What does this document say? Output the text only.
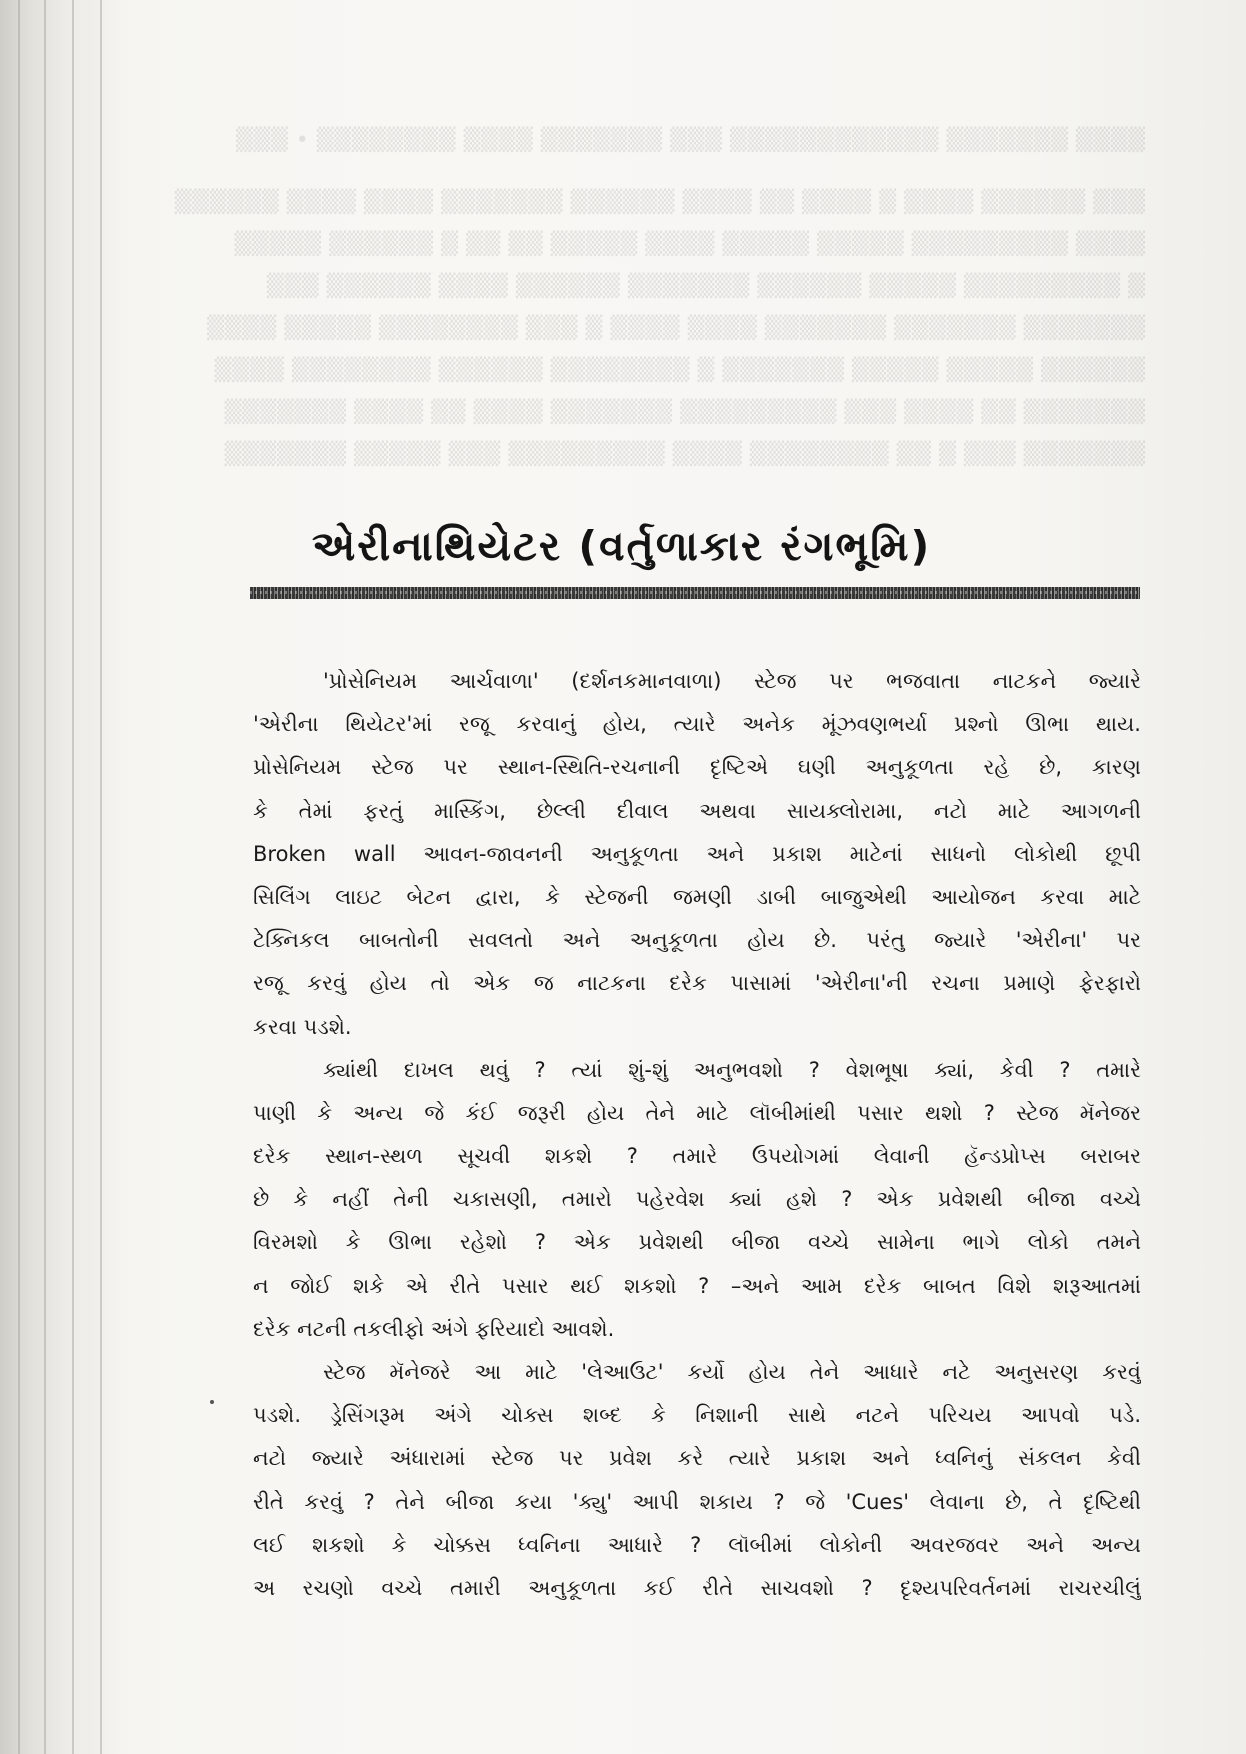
▒▒▒▒ ▒▒▒▒▒▒▒ ▒▒▒▒▒▒▒▒▒▒▒▒ ▒▒▒ ▒▒▒▒▒▒▒ ▒▒▒▒ ▒▒▒▒▒▒▒▒ • ▒▒▒
▒▒▒ ▒▒▒▒▒▒ ▒▒▒▒ ▒ ▒▒▒▒ ▒▒ ▒▒▒▒ ▒▒▒▒▒▒ ▒▒▒▒▒▒▒ ▒▒▒▒ ▒▒▒▒ ▒▒▒▒▒▒
▒▒▒▒ ▒▒▒▒▒▒▒▒▒ ▒▒▒▒▒ ▒▒▒▒▒ ▒▒▒▒ ▒▒▒▒▒ ▒▒ ▒▒ ▒ ▒▒▒▒▒▒ ▒▒▒▒▒
▒ ▒▒▒▒▒▒▒▒▒ ▒▒▒▒▒ ▒▒▒▒▒▒ ▒▒▒▒▒▒▒ ▒▒▒▒▒▒ ▒▒▒▒ ▒▒▒▒▒▒ ▒▒▒
▒▒▒▒▒▒▒ ▒▒▒▒▒▒▒ ▒▒▒▒▒▒▒ ▒▒▒▒ ▒▒▒▒ ▒ ▒▒▒ ▒▒▒▒▒▒▒▒ ▒▒▒▒▒ ▒▒▒▒
▒▒▒▒▒▒ ▒▒▒▒▒ ▒▒▒▒▒ ▒▒▒▒▒▒▒ ▒ ▒▒▒▒▒▒▒▒ ▒▒▒▒▒▒ ▒▒▒▒▒▒▒▒ ▒▒▒▒
▒▒▒▒▒▒▒ ▒▒ ▒▒▒▒ ▒▒▒ ▒▒▒▒▒▒▒▒▒ ▒▒▒▒▒▒▒ ▒▒▒▒ ▒▒ ▒▒▒▒ ▒▒▒▒▒▒▒
▒▒▒▒▒▒▒ ▒▒▒ ▒ ▒▒ ▒▒▒▒▒▒▒▒ ▒▒▒▒ ▒▒▒▒▒▒▒▒▒ ▒▒▒ ▒▒▒▒▒ ▒▒▒▒▒▒▒
એરીનાથિયેટર (વર્તુળાકાર રંગભૂમિ)
'પ્રોસેનિયમ આર્ચવાળા' (દર્શનકમાનવાળા) સ્ટેજ પર ભજવાતા નાટકને જ્યારે
'એરીના થિયેટર'માં રજૂ કરવાનું હોય, ત્યારે અનેક મૂંઝવણભર્યા પ્રશ્નો ઊભા થાય.
પ્રોસેનિયમ સ્ટેજ પર સ્થાન-સ્થિતિ-રચનાની દૃષ્ટિએ ઘણી અનુકૂળતા રહે છે, કારણ
કે તેમાં ફરતું માસ્કિંગ, છેલ્લી દીવાલ અથવા સાયક્લોરામા, નટો માટે આગળની
Broken wall આવન-જાવનની અનુકૂળતા અને પ્રકાશ માટેનાં સાધનો લોકોથી છૂપી
સિલિંગ લાઇટ બેટન દ્વારા, કે સ્ટેજની જમણી ડાબી બાજુએથી આયોજન કરવા માટે
ટેક્નિકલ બાબતોની સવલતો અને અનુકૂળતા હોય છે. પરંતુ જ્યારે 'એરીના' પર
રજૂ કરવું હોય તો એક જ નાટકના દરેક પાસામાં 'એરીના'ની રચના પ્રમાણે ફેરફારો
કરવા પડશે.
ક્યાંથી દાખલ થવું ? ત્યાં શું-શું અનુભવશો ? વેશભૂષા ક્યાં, કેવી ? તમારે
પાણી કે અન્ય જે કંઈ જરૂરી હોય તેને માટે લૉબીમાંથી પસાર થશો ? સ્ટેજ મૅનેજર
દરેક સ્થાન-સ્થળ સૂચવી શકશે ? તમારે ઉપયોગમાં લેવાની હૅન્ડપ્રોપ્સ બરાબર
છે કે નહીં તેની ચકાસણી, તમારો પહેરવેશ ક્યાં હશે ? એક પ્રવેશથી બીજા વચ્ચે
વિરમશો કે ઊભા રહેશો ? એક પ્રવેશથી બીજા વચ્ચે સામેના ભાગે લોકો તમને
ન જોઈ શકે એ રીતે પસાર થઈ શકશો ? –અને આમ દરેક બાબત વિશે શરૂઆતમાં
દરેક નટની તકલીફો અંગે ફરિયાદો આવશે.
સ્ટેજ મૅનેજરે આ માટે 'લેઆઉટ' કર્યો હોય તેને આધારે નટે અનુસરણ કરવું
પડશે. ડ્રેસિંગરૂમ અંગે ચોક્સ શબ્દ કે નિશાની સાથે નટને પરિચય આપવો પડે.
નટો જ્યારે અંધારામાં સ્ટેજ પર પ્રવેશ કરે ત્યારે પ્રકાશ અને ધ્વનિનું સંકલન કેવી
રીતે કરવું ? તેને બીજા કયા 'ક્યુ' આપી શકાય ? જે 'Cues' લેવાના છે, તે દૃષ્ટિથી
લઈ શકશો કે ચોક્કસ ધ્વનિના આધારે ? લૉબીમાં લોકોની અવરજવર અને અન્ય
અ રચણો વચ્ચે તમારી અનુકૂળતા કઈ રીતે સાચવશો ? દૃશ્યપરિવર્તનમાં રાચરચીલું
